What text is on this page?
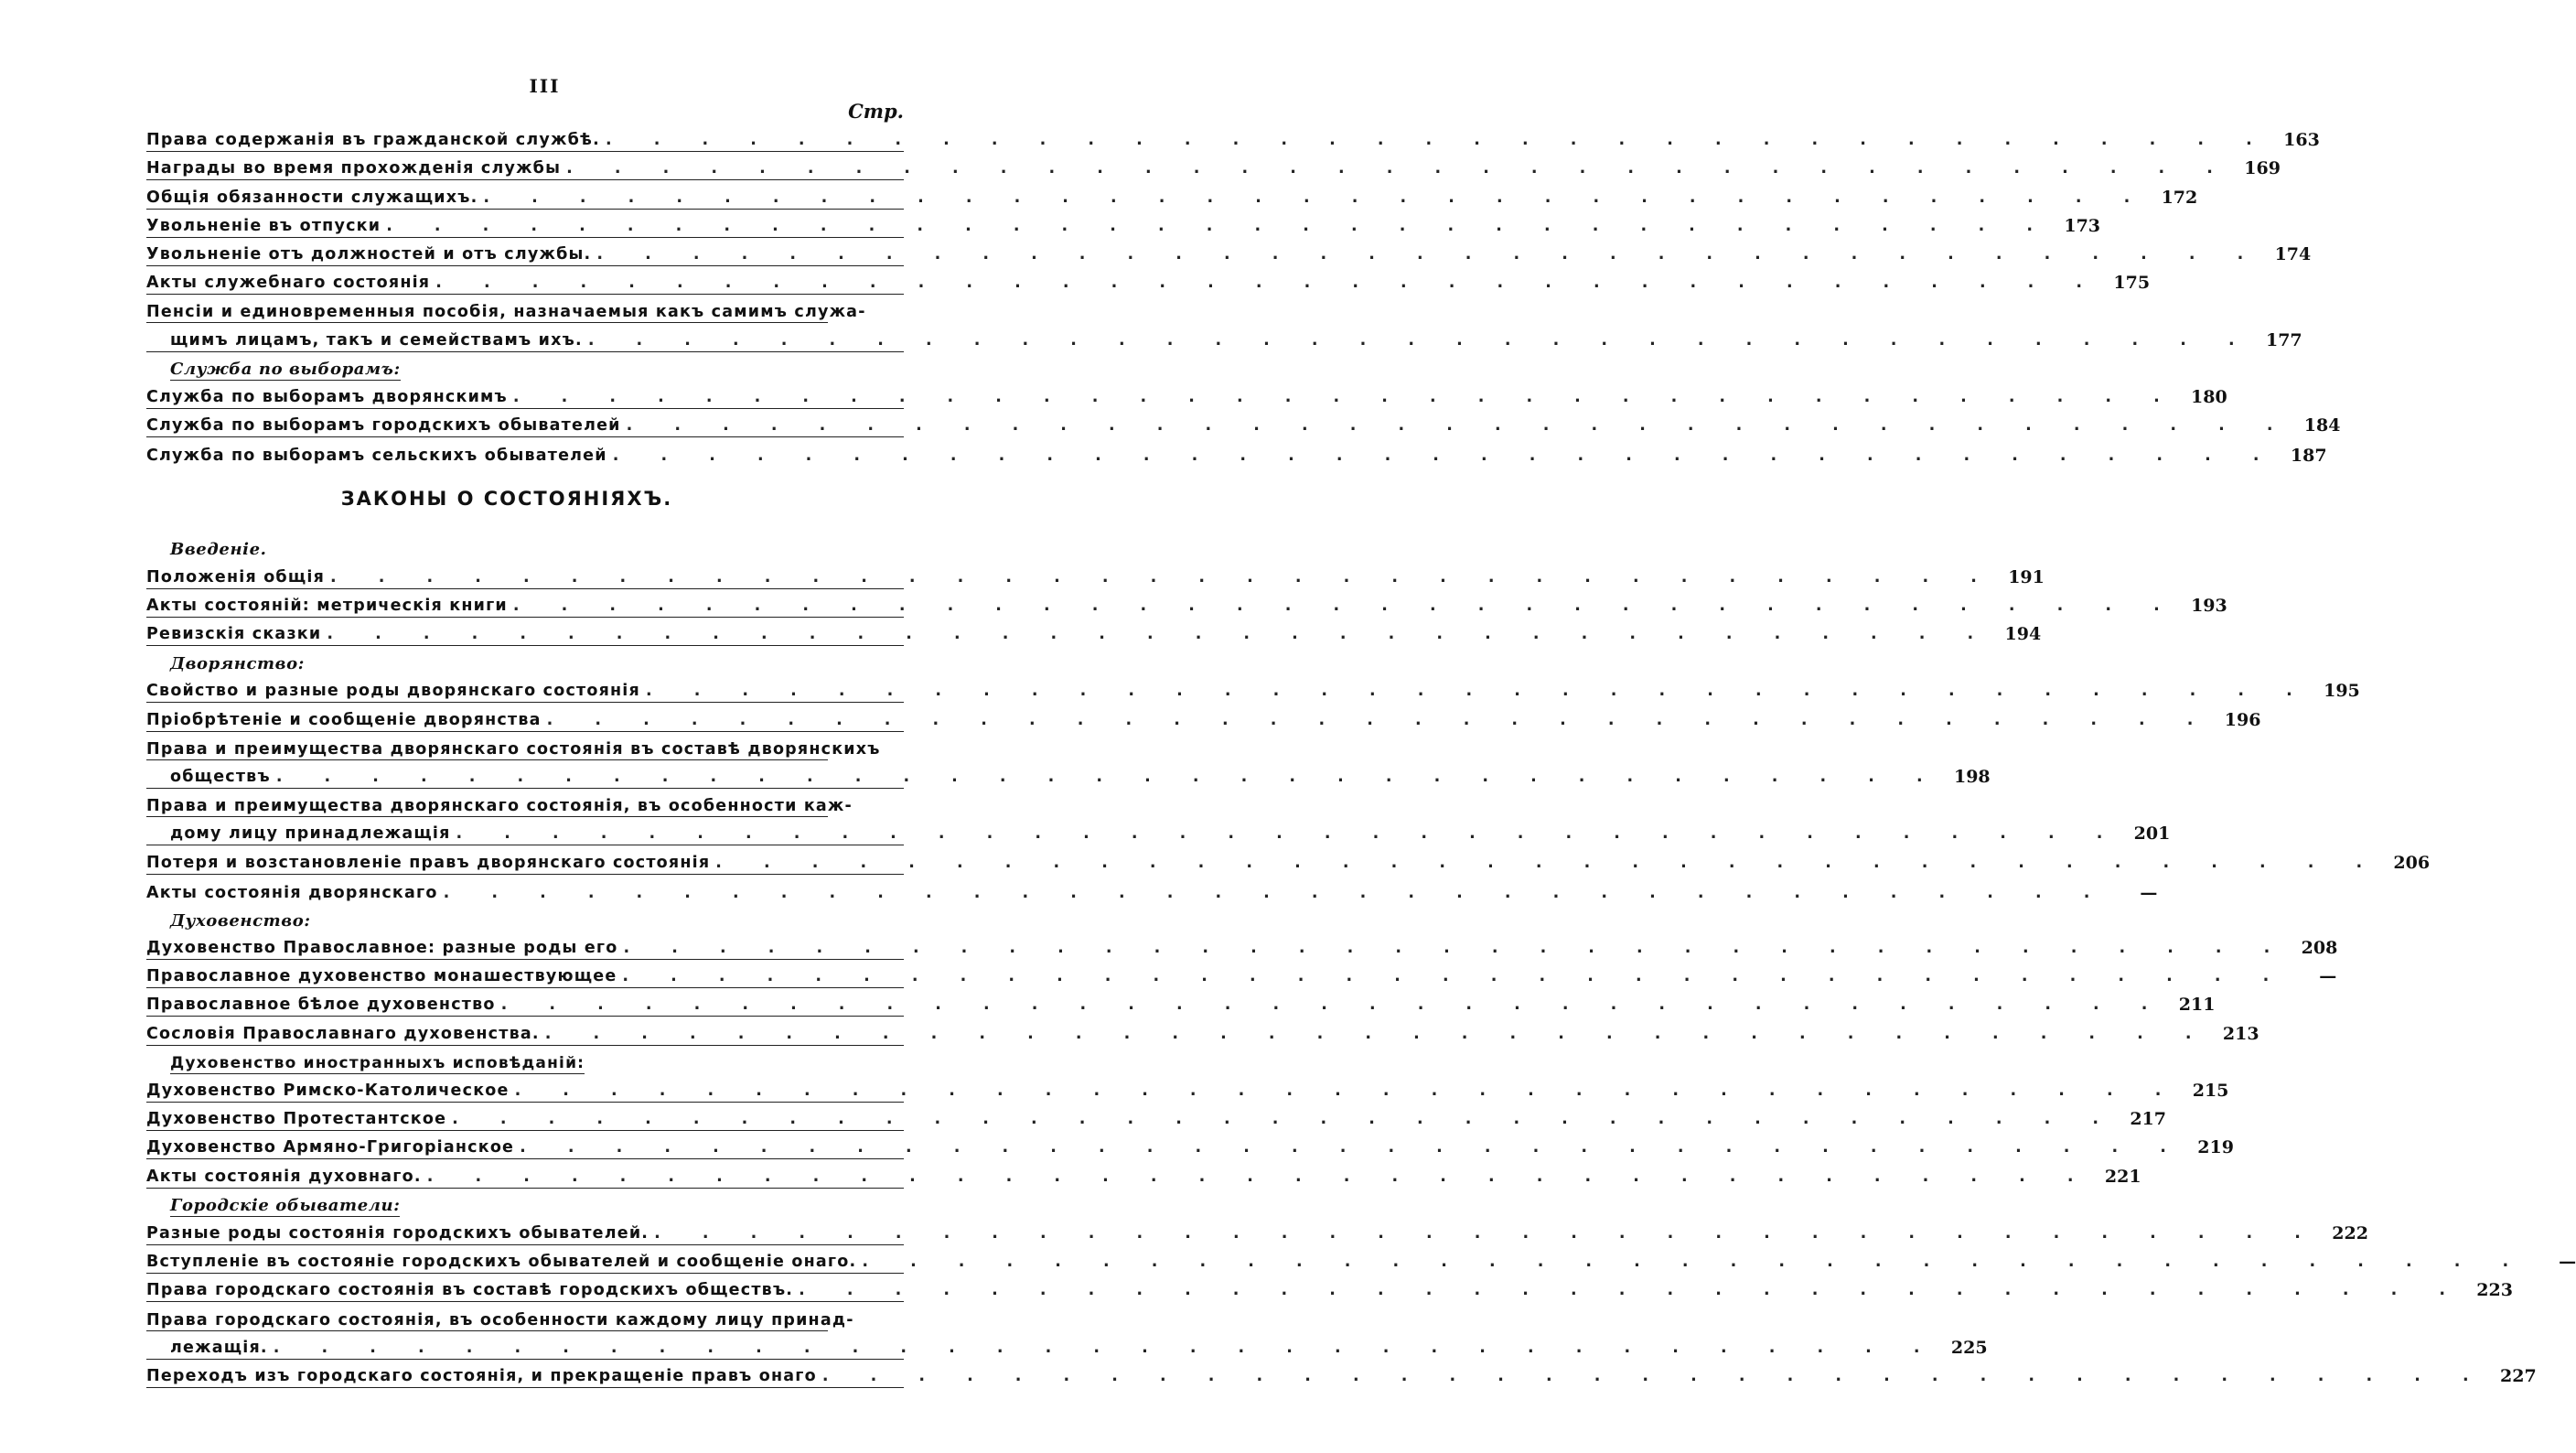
III
Стр.
Права содержанія въ гражданской службѣ. . . . . . . . . . . . . . . . . . . . . . . . . . . . . . . . . . . . 163
Награды во время прохожденія службы . . . . . . . . . . . . . . . . . . . . . . . . . . . . . . . . . . . 169
Общія обязанности служащихъ. . . . . . . . . . . . . . . . . . . . . . . . . . . . . . . . . . . . 172
Увольненіе въ отпуски . . . . . . . . . . . . . . . . . . . . . . . . . . . . . . . . . . . 173
Увольненіе отъ должностей и отъ службы. . . . . . . . . . . . . . . . . . . . . . . . . . . . . . . . . . . . 174
Акты служебнаго состоянія . . . . . . . . . . . . . . . . . . . . . . . . . . . . . . . . . . . 175
Пенсіи и единовременныя пособія, назначаемыя какъ самимъ служа-
щимъ лицамъ, такъ и семействамъ ихъ. . . . . . . . . . . . . . . . . . . . . . . . . . . . . . . . . . . . 177
Служба по выборамъ:
Служба по выборамъ дворянскимъ . . . . . . . . . . . . . . . . . . . . . . . . . . . . . . . . . . . 180
Служба по выборамъ городскихъ обывателей . . . . . . . . . . . . . . . . . . . . . . . . . . . . . . . . . . . 184
Служба по выборамъ сельскихъ обывателей . . . . . . . . . . . . . . . . . . . . . . . . . . . . . . . . . . . 187
ЗАКОНЫ О СОСТОЯНІЯХЪ.
Введеніе.
Положенія общія . . . . . . . . . . . . . . . . . . . . . . . . . . . . . . . . . . . 191
Акты состояній: метрическія книги . . . . . . . . . . . . . . . . . . . . . . . . . . . . . . . . . . . 193
Ревизскія сказки . . . . . . . . . . . . . . . . . . . . . . . . . . . . . . . . . . . 194
Дворянство:
Свойство и разные роды дворянскаго состоянія . . . . . . . . . . . . . . . . . . . . . . . . . . . . . . . . . . . 195
Пріобрѣтеніе и сообщеніе дворянства . . . . . . . . . . . . . . . . . . . . . . . . . . . . . . . . . . . 196
Права и преимущества дворянскаго состоянія въ составѣ дворянскихъ
обществъ . . . . . . . . . . . . . . . . . . . . . . . . . . . . . . . . . . . 198
Права и преимущества дворянскаго состоянія, въ особенности каж-
дому лицу принадлежащія . . . . . . . . . . . . . . . . . . . . . . . . . . . . . . . . . . . 201
Потеря и возстановленіе правъ дворянскаго состоянія . . . . . . . . . . . . . . . . . . . . . . . . . . . . . . . . . . . 206
Акты состоянія дворянскаго . . . . . . . . . . . . . . . . . . . . . . . . . . . . . . . . . . .	—
Духовенство:
Духовенство Православное: разные роды его . . . . . . . . . . . . . . . . . . . . . . . . . . . . . . . . . . . 208
Православное духовенство монашествующее . . . . . . . . . . . . . . . . . . . . . . . . . . . . . . . . . . .	—
Православное бѣлое духовенство . . . . . . . . . . . . . . . . . . . . . . . . . . . . . . . . . . . 211
Сословія Православнаго духовенства. . . . . . . . . . . . . . . . . . . . . . . . . . . . . . . . . . . . 213
Духовенство иностранныхъ исповѣданій:
Духовенство Римско-Католическое . . . . . . . . . . . . . . . . . . . . . . . . . . . . . . . . . . . 215
Духовенство Протестантское . . . . . . . . . . . . . . . . . . . . . . . . . . . . . . . . . . . 217
Духовенство Армяно-Григоріанское . . . . . . . . . . . . . . . . . . . . . . . . . . . . . . . . . . . 219
Акты состоянія духовнаго. . . . . . . . . . . . . . . . . . . . . . . . . . . . . . . . . . . . 221
Городскіе обыватели:
Разные роды состоянія городскихъ обывателей. . . . . . . . . . . . . . . . . . . . . . . . . . . . . . . . . . . . 222
Вступленіе въ состояніе городскихъ обывателей и сообщеніе онаго. . . . . . . . . . . . . . . . . . . . . . . . . . . . . . . . . . . .	—
Права городскаго состоянія въ составѣ городскихъ обществъ. . . . . . . . . . . . . . . . . . . . . . . . . . . . . . . . . . . . 223
Права городскаго состоянія, въ особенности каждому лицу принад-
лежащія. . . . . . . . . . . . . . . . . . . . . . . . . . . . . . . . . . . . 225
Переходъ изъ городскаго состоянія, и прекращеніе правъ онаго . . . . . . . . . . . . . . . . . . . . . . . . . . . . . . . . . . . 227
